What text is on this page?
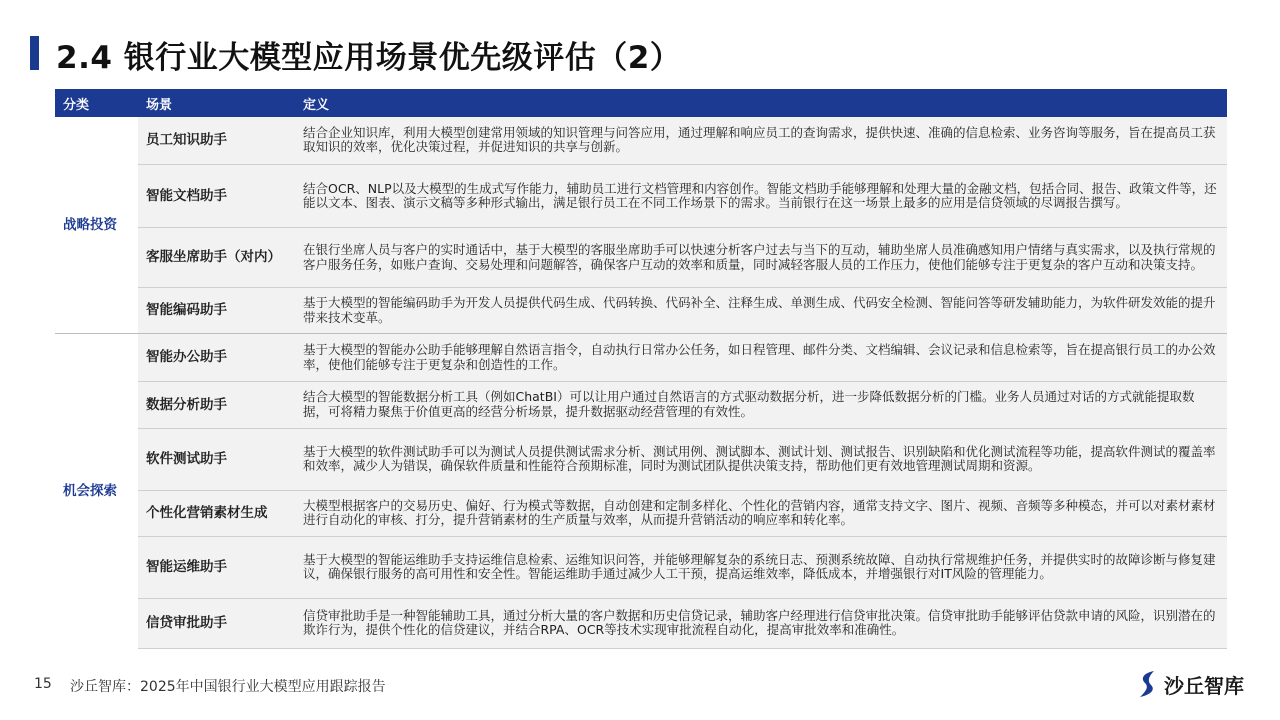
2.4 银行业大模型应用场景优先级评估（2）
分类	场景	定义
战略投资	员工知识助手	结合企业知识库，利用大模型创建常用领域的知识管理与问答应用，通过理解和响应员工的查询需求，提供快速、准确的信息检索、业务咨询等服务，旨在提高员工获取知识的效率，优化决策过程，并促进知识的共享与创新。
	智能文档助手	结合OCR、NLP以及大模型的生成式写作能力，辅助员工进行文档管理和内容创作。智能文档助手能够理解和处理大量的金融文档，包括合同、报告、政策文件等，还能以文本、图表、演示文稿等多种形式输出，满足银行员工在不同工作场景下的需求。当前银行在这一场景上最多的应用是信贷领域的尽调报告撰写。
	客服坐席助手（对内）	在银行坐席人员与客户的实时通话中，基于大模型的客服坐席助手可以快速分析客户过去与当下的互动，辅助坐席人员准确感知用户情绪与真实需求，以及执行常规的客户服务任务，如账户查询、交易处理和问题解答，确保客户互动的效率和质量，同时减轻客服人员的工作压力，使他们能够专注于更复杂的客户互动和决策支持。
	智能编码助手	基于大模型的智能编码助手为开发人员提供代码生成、代码转换、代码补全、注释生成、单测生成、代码安全检测、智能问答等研发辅助能力，为软件研发效能的提升带来技术变革。
机会探索	智能办公助手	基于大模型的智能办公助手能够理解自然语言指令，自动执行日常办公任务，如日程管理、邮件分类、文档编辑、会议记录和信息检索等，旨在提高银行员工的办公效率，使他们能够专注于更复杂和创造性的工作。
	数据分析助手	结合大模型的智能数据分析工具（例如ChatBI）可以让用户通过自然语言的方式驱动数据分析，进一步降低数据分析的门槛。业务人员通过对话的方式就能提取数据，可将精力聚焦于价值更高的经营分析场景，提升数据驱动经营管理的有效性。
	软件测试助手	基于大模型的软件测试助手可以为测试人员提供测试需求分析、测试用例、测试脚本、测试计划、测试报告、识别缺陷和优化测试流程等功能，提高软件测试的覆盖率和效率，减少人为错误，确保软件质量和性能符合预期标准，同时为测试团队提供决策支持，帮助他们更有效地管理测试周期和资源。
	个性化营销素材生成	大模型根据客户的交易历史、偏好、行为模式等数据，自动创建和定制多样化、个性化的营销内容，通常支持文字、图片、视频、音频等多种模态，并可以对素材素材进行自动化的审核、打分，提升营销素材的生产质量与效率，从而提升营销活动的响应率和转化率。
	智能运维助手	基于大模型的智能运维助手支持运维信息检索、运维知识问答，并能够理解复杂的系统日志、预测系统故障、自动执行常规维护任务，并提供实时的故障诊断与修复建议，确保银行服务的高可用性和安全性。智能运维助手通过减少人工干预，提高运维效率，降低成本，并增强银行对IT风险的管理能力。
	信贷审批助手	信贷审批助手是一种智能辅助工具，通过分析大量的客户数据和历史信贷记录，辅助客户经理进行信贷审批决策。信贷审批助手能够评估贷款申请的风险，识别潜在的欺诈行为，提供个性化的信贷建议，并结合RPA、OCR等技术实现审批流程自动化，提高审批效率和准确性。
15 沙丘智库：2025年中国银行业大模型应用跟踪报告	沙丘智库
